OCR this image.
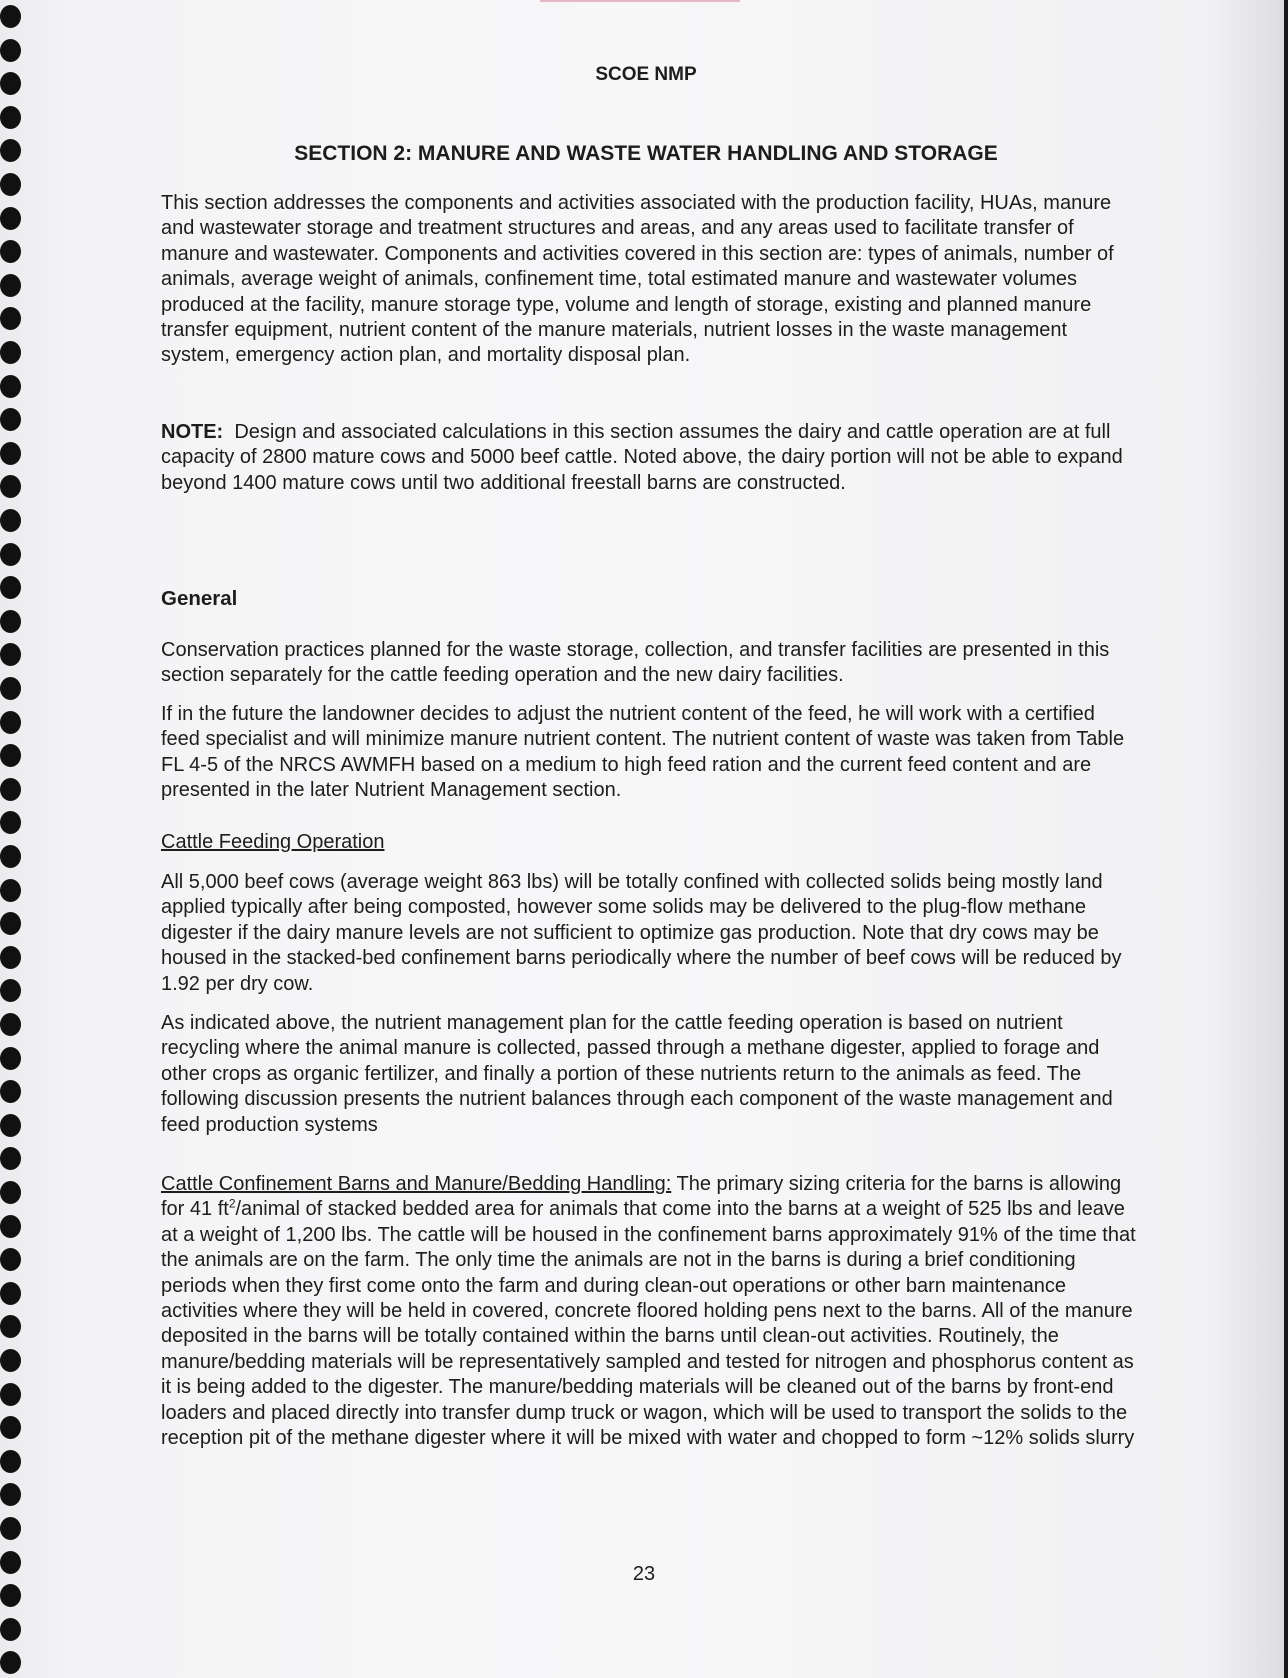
SCOE NMP

SECTION 2: MANURE AND WASTE WATER HANDLING AND STORAGE

This section addresses the components and activities associated with the production facility, HUAs, manure and wastewater storage and treatment structures and areas, and any areas used to facilitate transfer of manure and wastewater. Components and activities covered in this section are: types of animals, number of animals, average weight of animals, confinement time, total estimated manure and wastewater volumes produced at the facility, manure storage type, volume and length of storage, existing and planned manure transfer equipment, nutrient content of the manure materials, nutrient losses in the waste management system, emergency action plan, and mortality disposal plan.

NOTE: Design and associated calculations in this section assumes the dairy and cattle operation are at full capacity of 2800 mature cows and 5000 beef cattle. Noted above, the dairy portion will not be able to expand beyond 1400 mature cows until two additional freestall barns are constructed.

General

Conservation practices planned for the waste storage, collection, and transfer facilities are presented in this section separately for the cattle feeding operation and the new dairy facilities.

If in the future the landowner decides to adjust the nutrient content of the feed, he will work with a certified feed specialist and will minimize manure nutrient content. The nutrient content of waste was taken from Table FL 4-5 of the NRCS AWMFH based on a medium to high feed ration and the current feed content and are presented in the later Nutrient Management section.

Cattle Feeding Operation

All 5,000 beef cows (average weight 863 lbs) will be totally confined with collected solids being mostly land applied typically after being composted, however some solids may be delivered to the plug-flow methane digester if the dairy manure levels are not sufficient to optimize gas production. Note that dry cows may be housed in the stacked-bed confinement barns periodically where the number of beef cows will be reduced by 1.92 per dry cow.

As indicated above, the nutrient management plan for the cattle feeding operation is based on nutrient recycling where the animal manure is collected, passed through a methane digester, applied to forage and other crops as organic fertilizer, and finally a portion of these nutrients return to the animals as feed. The following discussion presents the nutrient balances through each component of the waste management and feed production systems

Cattle Confinement Barns and Manure/Bedding Handling: The primary sizing criteria for the barns is allowing for 41 $ft^2$/animal of stacked bedded area for animals that come into the barns at a weight of 525 lbs and leave at a weight of 1,200 lbs. The cattle will be housed in the confinement barns approximately 91% of the time that the animals are on the farm. The only time the animals are not in the barns is during a brief conditioning periods when they first come onto the farm and during clean-out operations or other barn maintenance activities where they will be held in covered, concrete floored holding pens next to the barns. All of the manure deposited in the barns will be totally contained within the barns until clean-out activities. Routinely, the manure/bedding materials will be representatively sampled and tested for nitrogen and phosphorus content as it is being added to the digester. The manure/bedding materials will be cleaned out of the barns by front-end loaders and placed directly into transfer dump truck or wagon, which will be used to transport the solids to the reception pit of the methane digester where it will be mixed with water and chopped to form ~12% solids slurry

23
